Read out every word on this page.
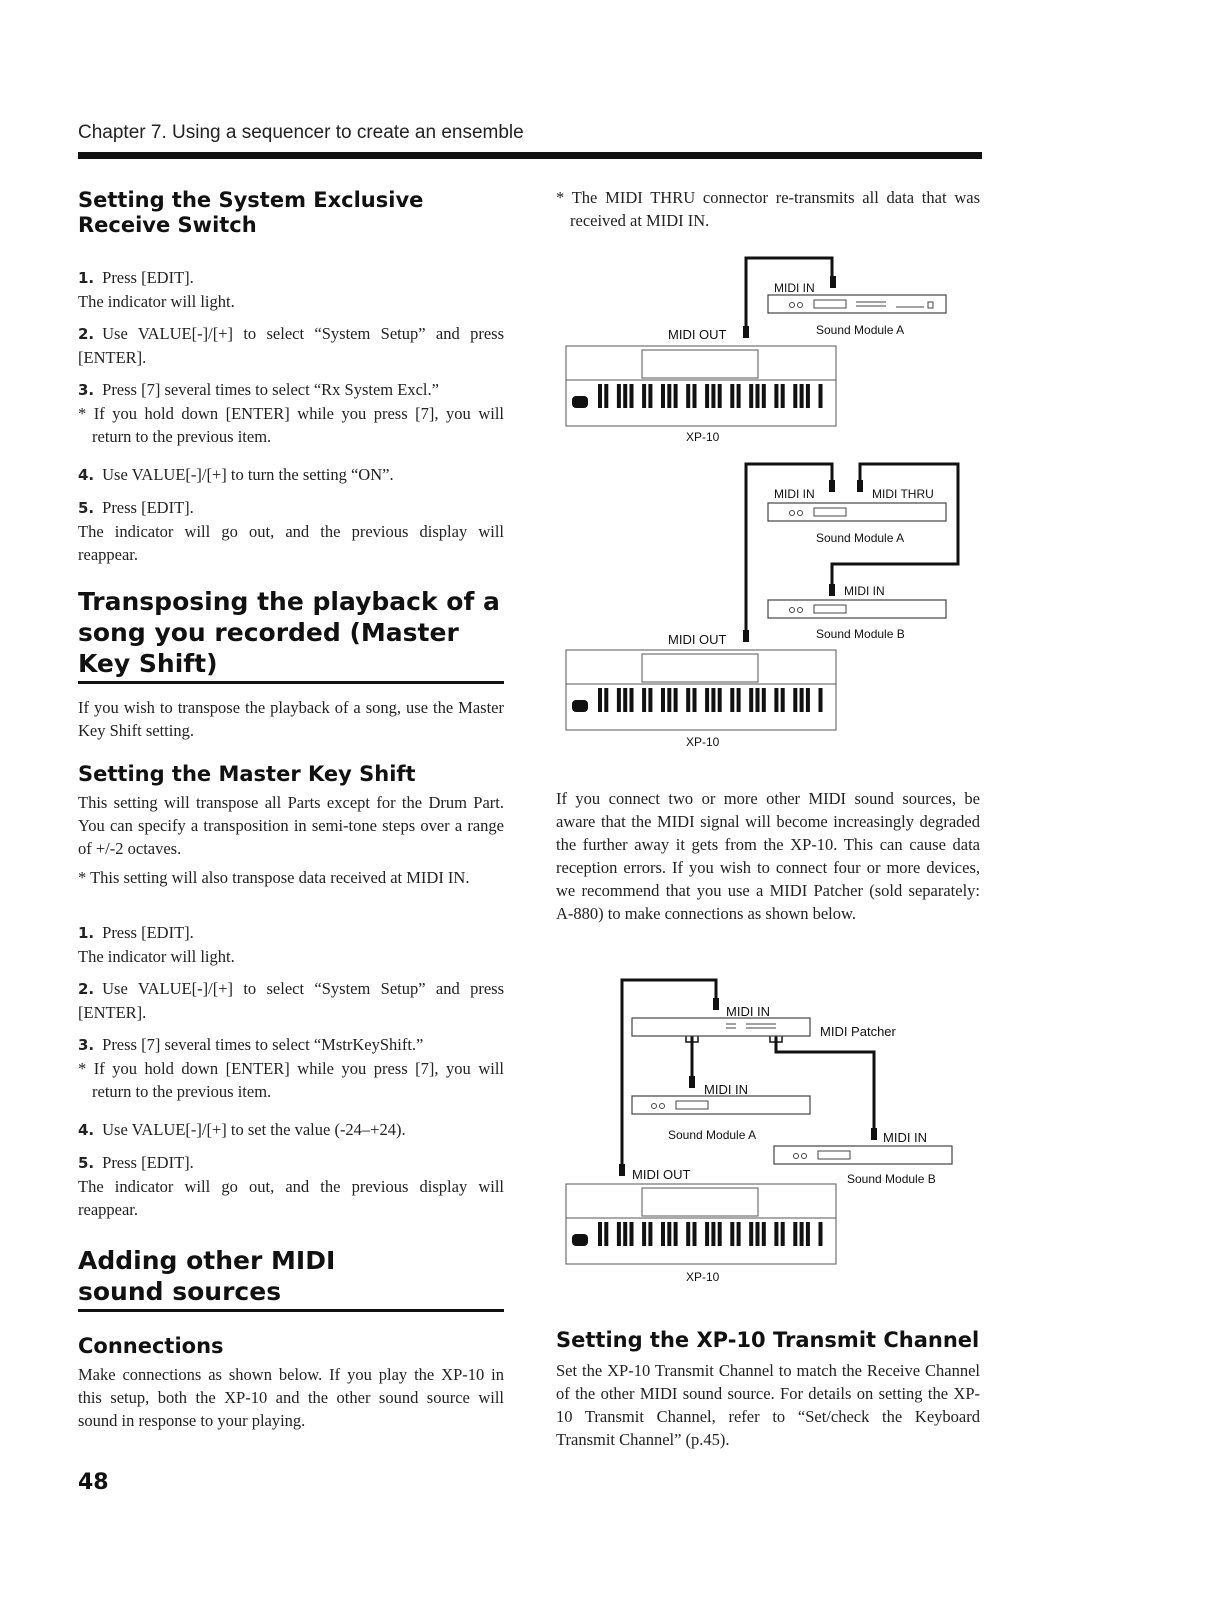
Chapter 7. Using a sequencer to create an ensemble
Setting the System Exclusive Receive Switch

1. Press [EDIT].

The indicator will light.

2. Use VALUE[-]/[+] to select “System Setup” and press [ENTER].

3. Press [7] several times to select “Rx System Excl.”

* If you hold down [ENTER] while you press [7], you will return to the previous item.

4. Use VALUE[-]/[+] to turn the setting “ON”.

5. Press [EDIT].

The indicator will go out, and the previous display will reappear.

Transposing the playback of a song you recorded (Master Key Shift)

If you wish to transpose the playback of a song, use the Master Key Shift setting.

Setting the Master Key Shift

This setting will transpose all Parts except for the Drum Part. You can specify a transposition in semi-tone steps over a range of +/-2 octaves.

* This setting will also transpose data received at MIDI IN.

1. Press [EDIT].

The indicator will light.

2. Use VALUE[-]/[+] to select “System Setup” and press [ENTER].

3. Press [7] several times to select “MstrKeyShift.”

* If you hold down [ENTER] while you press [7], you will return to the previous item.

4. Use VALUE[-]/[+] to set the value (-24–+24).

5. Press [EDIT].

The indicator will go out, and the previous display will reappear.

Adding other MIDI sound sources
Connections

Make connections as shown below. If you play the XP-10 in this setup, both the XP-10 and the other sound source will sound in response to your playing.

* The MIDI THRU connector re-transmits all data that was received at MIDI IN.

MIDI IN
MIDI OUT	Sound Module A
XP-10
MIDI IN	MIDI THRU
Sound Module A
MIDI IN
MIDI OUT	Sound Module B
XP-10

If you connect two or more other MIDI sound sources, be aware that the MIDI signal will become increasingly degraded the further away it gets from the XP-10. This can cause data reception errors. If you wish to connect four or more devices, we recommend that you use a MIDI Patcher (sold separately: A-880) to make connections as shown below.

MIDI IN
MIDI Patcher
MIDI IN
Sound Module A	MIDI IN
MIDI OUT	Sound Module B
XP-10
Setting the XP-10 Transmit Channel

Set the XP-10 Transmit Channel to match the Receive Channel of the other MIDI sound source. For details on setting the XP-10 Transmit Channel, refer to “Set/check the Keyboard Transmit Channel” (p.45).

48
